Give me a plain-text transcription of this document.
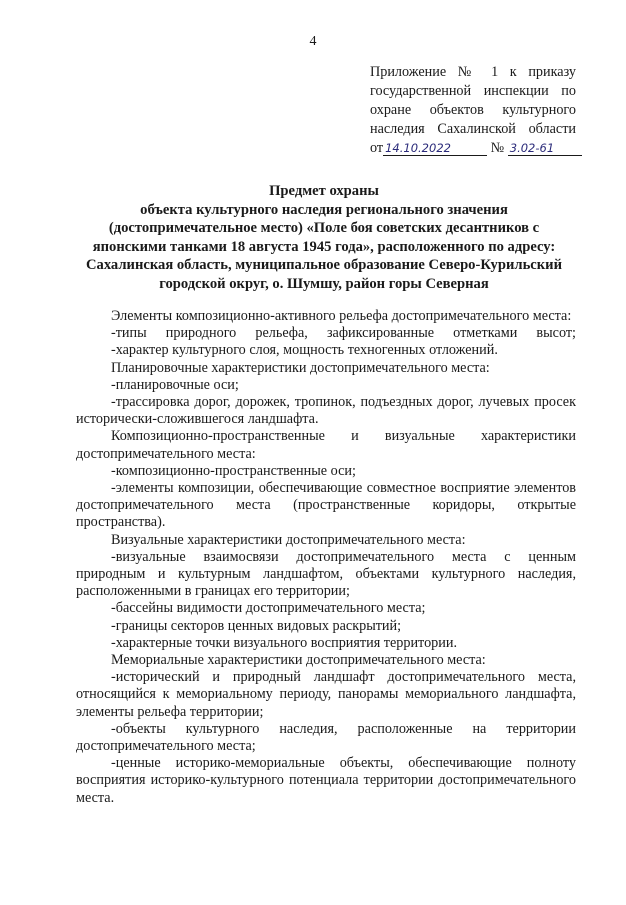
4

Приложение № 1 к приказу

государственной инспекции по

охране объектов культурного

наследия Сахалинской области

от 14.10.2022	№ 3.02-61

Предмет охраны

объекта культурного наследия регионального значения

(достопримечательное место) «Поле боя советских десантников с

японскими танками 18 августа 1945 года», расположенного по адресу:

Сахалинская область, муниципальное образование Северо-Курильский

городской округ, о. Шумшу, район горы Северная

Элементы композиционно-активного рельефа достопримечательного места:

-типы природного рельефа, зафиксированные отметками высот;

-характер культурного слоя, мощность техногенных отложений.

Планировочные характеристики достопримечательного места:

-планировочные оси;

-трассировка дорог, дорожек, тропинок, подъездных дорог, лучевых просек исторически-сложившегося ландшафта.

Композиционно-пространственные и визуальные характеристики достопримечательного места:

-композиционно-пространственные оси;

-элементы композиции, обеспечивающие совместное восприятие элементов достопримечательного места (пространственные коридоры, открытые пространства).

Визуальные характеристики достопримечательного места:

-визуальные взаимосвязи достопримечательного места с ценным природным и культурным ландшафтом, объектами культурного наследия, расположенными в границах его территории;

-бассейны видимости достопримечательного места;

-границы секторов ценных видовых раскрытий;

-характерные точки визуального восприятия территории.

Мемориальные характеристики достопримечательного места:

-исторический и природный ландшафт достопримечательного места, относящийся к мемориальному периоду, панорамы мемориального ландшафта, элементы рельефа территории;

-объекты культурного наследия, расположенные на территории достопримечательного места;

-ценные историко-мемориальные объекты, обеспечивающие полноту восприятия историко-культурного потенциала территории достопримечательного места.
